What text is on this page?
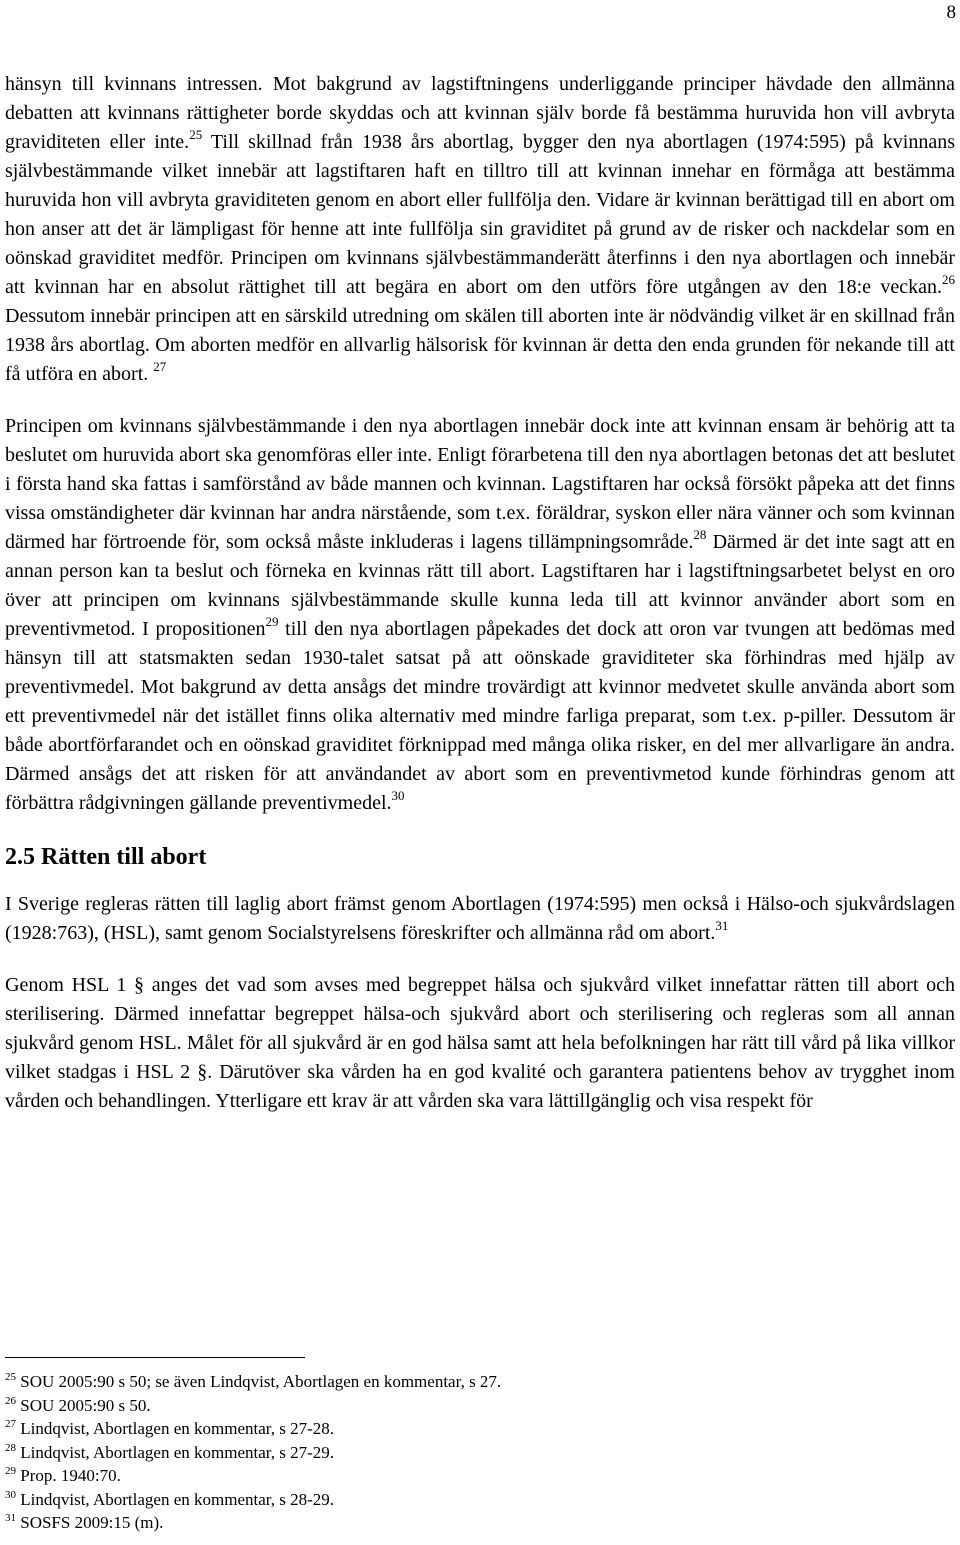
8

hänsyn till kvinnans intressen. Mot bakgrund av lagstiftningens underliggande principer hävdade den allmänna debatten att kvinnans rättigheter borde skyddas och att kvinnan själv borde få bestämma huruvida hon vill avbryta graviditeten eller inte.$^{25}$ Till skillnad från 1938 års abortlag, bygger den nya abortlagen (1974:595) på kvinnans självbestämmande vilket innebär att lagstiftaren haft en tilltro till att kvinnan innehar en förmåga att bestämma huruvida hon vill avbryta graviditeten genom en abort eller fullfölja den. Vidare är kvinnan berättigad till en abort om hon anser att det är lämpligast för henne att inte fullfölja sin graviditet på grund av de risker och nackdelar som en oönskad graviditet medför. Principen om kvinnans självbestämmanderätt återfinns i den nya abortlagen och innebär att kvinnan har en absolut rättighet till att begära en abort om den utförs före utgången av den 18:e veckan.$^{26}$ Dessutom innebär principen att en särskild utredning om skälen till aborten inte är nödvändig vilket är en skillnad från 1938 års abortlag. Om aborten medför en allvarlig hälsorisk för kvinnan är detta den enda grunden för nekande till att få utföra en abort. $^{27}$

Principen om kvinnans självbestämmande i den nya abortlagen innebär dock inte att kvinnan ensam är behörig att ta beslutet om huruvida abort ska genomföras eller inte. Enligt förarbetena till den nya abortlagen betonas det att beslutet i första hand ska fattas i samförstånd av både mannen och kvinnan. Lagstiftaren har också försökt påpeka att det finns vissa omständigheter där kvinnan har andra närstående, som t.ex. föräldrar, syskon eller nära vänner och som kvinnan därmed har förtroende för, som också måste inkluderas i lagens tillämpningsområde.$^{28}$ Därmed är det inte sagt att en annan person kan ta beslut och förneka en kvinnas rätt till abort. Lagstiftaren har i lagstiftningsarbetet belyst en oro över att principen om kvinnans självbestämmande skulle kunna leda till att kvinnor använder abort som en preventivmetod. I propositionen$^{29}$ till den nya abortlagen påpekades det dock att oron var tvungen att bedömas med hänsyn till att statsmakten sedan 1930-talet satsat på att oönskade graviditeter ska förhindras med hjälp av preventivmedel. Mot bakgrund av detta ansågs det mindre trovärdigt att kvinnor medvetet skulle använda abort som ett preventivmedel när det istället finns olika alternativ med mindre farliga preparat, som t.ex. p-piller. Dessutom är både abortförfarandet och en oönskad graviditet förknippad med många olika risker, en del mer allvarligare än andra. Därmed ansågs det att risken för att användandet av abort som en preventivmetod kunde förhindras genom att förbättra rådgivningen gällande preventivmedel.$^{30}$

2.5 Rätten till abort

I Sverige regleras rätten till laglig abort främst genom Abortlagen (1974:595) men också i Hälso-och sjukvårdslagen (1928:763), (HSL), samt genom Socialstyrelsens föreskrifter och allmänna råd om abort.$^{31}$

Genom HSL 1 § anges det vad som avses med begreppet hälsa och sjukvård vilket innefattar rätten till abort och sterilisering. Därmed innefattar begreppet hälsa-och sjukvård abort och sterilisering och regleras som all annan sjukvård genom HSL. Målet för all sjukvård är en god hälsa samt att hela befolkningen har rätt till vård på lika villkor vilket stadgas i HSL 2 §. Därutöver ska vården ha en god kvalité och garantera patientens behov av trygghet inom vården och behandlingen. Ytterligare ett krav är att vården ska vara lättillgänglig och visa respekt för

$^{25}$ SOU 2005:90 s 50; se även Lindqvist, Abortlagen en kommentar, s 27.

$^{26}$ SOU 2005:90 s 50.

$^{27}$ Lindqvist, Abortlagen en kommentar, s 27-28.

$^{28}$ Lindqvist, Abortlagen en kommentar, s 27-29.

$^{29}$ Prop. 1940:70.

$^{30}$ Lindqvist, Abortlagen en kommentar, s 28-29.

$^{31}$ SOSFS 2009:15 (m).
